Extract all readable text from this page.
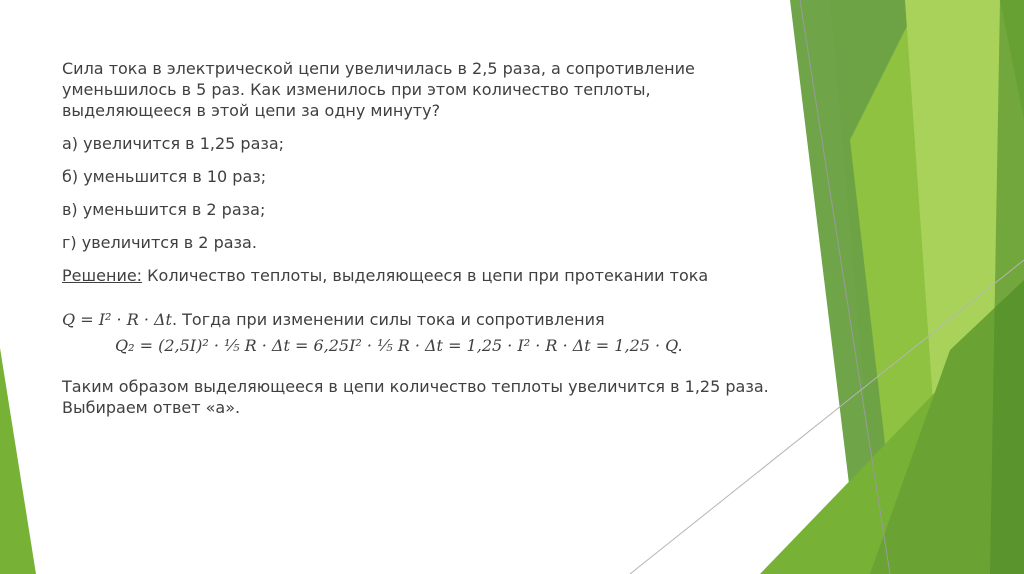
Сила тока в электрической цепи увеличилась в 2,5 раза, а сопротивление уменьшилось в 5 раз. Как изменилось при этом количество теплоты, выделяющееся в этой цепи за одну минуту?

а) увеличится в 1,25 раза;

б) уменьшится в 10 раз;

в) уменьшится в 2 раза;

г) увеличится в 2 раза.

Решение: Количество теплоты, выделяющееся в цепи при протекании тока

Q = I² · R · Δt. Тогда при изменении силы тока и сопротивления
Q₂ = (2,5I)² · ¹⁄₅ R · Δt = 6,25I² · ¹⁄₅ R · Δt = 1,25 · I² · R · Δt = 1,25 · Q.

Таким образом выделяющееся в цепи количество теплоты увеличится в 1,25 раза. Выбираем ответ «а».
